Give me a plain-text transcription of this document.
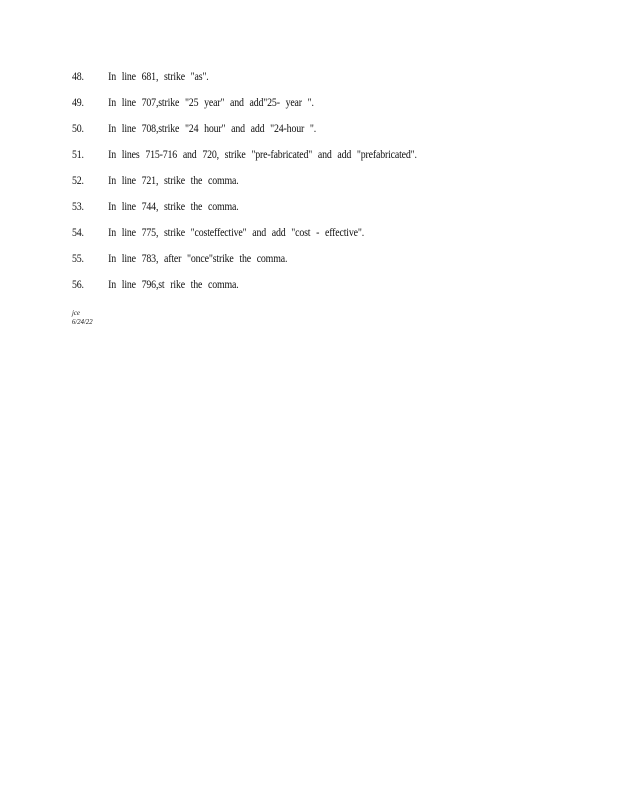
48.	In line 681, strike "as".
49.	In line 707,strike "25 year" and add"25- year ".
50.	In line 708,strike "24 hour" and add "24-hour ".
51.	In lines 715-716 and 720, strike "pre-fabricated" and add "prefabricated".
52.	In line 721, strike the comma.
53.	In line 744, strike the comma.
54.	In line 775, strike "costeffective" and add "cost - effective".
55.	In line 783, after "once"strike the comma.
56.	In line 796,st rike the comma.
jce
6/24/22
